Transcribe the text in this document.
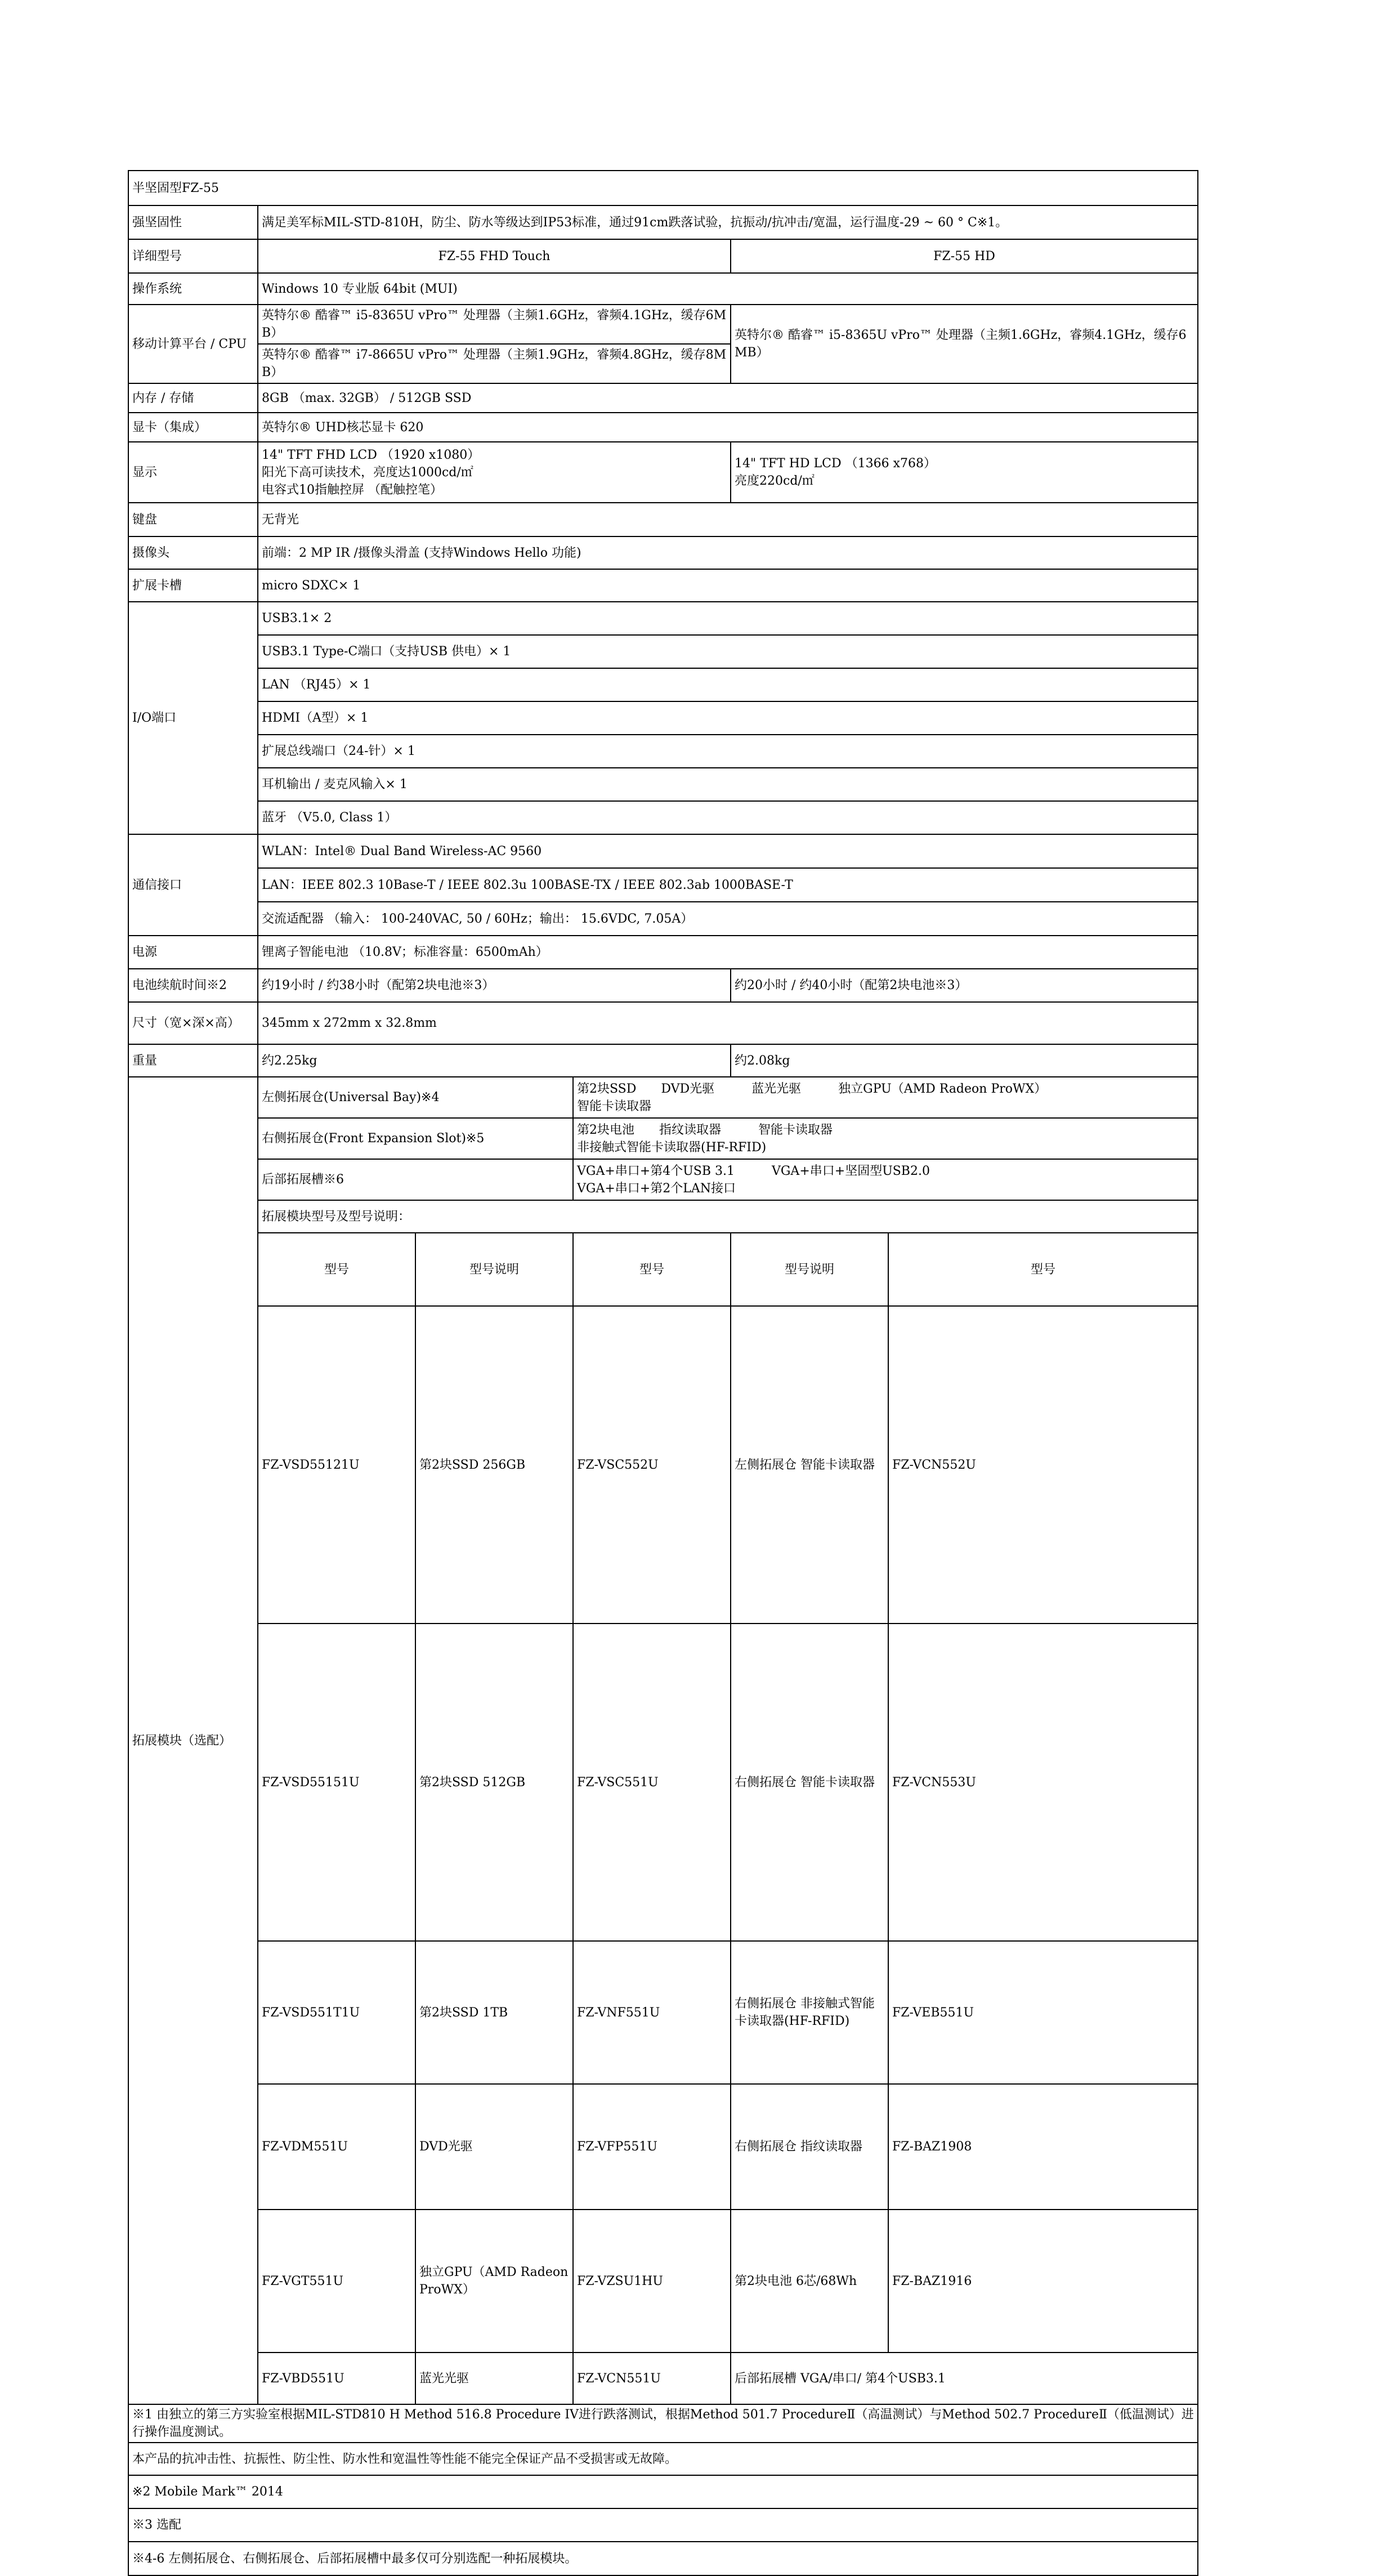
半坚固型FZ-55						
强坚固性	满足美军标MIL-STD-810H，防尘、防水等级达到IP53标准，通过91cm跌落试验，抗振动/抗冲击/宽温，运行温度-29 ~ 60 ° C※1。					
详细型号	FZ-55 FHD Touch			FZ-55 HD		
操作系统	Windows 10 专业版 64bit (MUI)					
移动计算平台 / CPU	英特尔® 酷睿™ i5-8365U vPro™ 处理器（主频1.6GHz，睿频4.1GHz，缓存6MB）			英特尔® 酷睿™ i5-8365U vPro™ 处理器（主频1.6GHz，睿频4.1GHz，缓存6MB）		
	英特尔® 酷睿™ i7-8665U vPro™ 处理器（主频1.9GHz，睿频4.8GHz，缓存8MB）					
内存 / 存储	8GB （max. 32GB） / 512GB SSD					
显卡（集成）	英特尔® UHD核芯显卡 620					
显示	14" TFT FHD LCD （1920 x1080）
阳光下高可读技术，亮度达1000cd/㎡
电容式10指触控屏 （配触控笔）			14" TFT HD LCD （1366 x768）
亮度220cd/㎡		
键盘	无背光					
摄像头	前端：2 MP IR /摄像头滑盖 (支持Windows Hello 功能)					
扩展卡槽	micro SDXC× 1					
I/O端口	USB3.1× 2					
	USB3.1 Type-C端口（支持USB 供电）× 1					
	LAN （RJ45）× 1					
	HDMI（A型）× 1					
	扩展总线端口（24-针）× 1					
	耳机输出 / 麦克风输入× 1					
	蓝牙 （V5.0, Class 1）					
通信接口	WLAN：Intel® Dual Band Wireless-AC 9560					
	LAN：IEEE 802.3 10Base-T / IEEE 802.3u 100BASE-TX / IEEE 802.3ab 1000BASE-T					
	交流适配器 （输入： 100-240VAC, 50 / 60Hz；输出： 15.6VDC, 7.05A）					
电源	锂离子智能电池 （10.8V；标准容量：6500mAh）					
电池续航时间※2	约19小时 / 约38小时（配第2块电池※3）			约20小时 / 约40小时（配第2块电池※3）		
尺寸（宽×深×高）	345mm x 272mm x 32.8mm					
重量	约2.25kg			约2.08kg		
拓展模块（选配）	左侧拓展仓(Universal Bay)※4		第2块SSD　　DVD光驱　　　蓝光光驱　　　独立GPU（AMD Radeon ProWX）
智能卡读取器			
	右侧拓展仓(Front Expansion Slot)※5		第2块电池　　指纹读取器　　　智能卡读取器
非接触式智能卡读取器(HF-RFID)			
	后部拓展槽※6		VGA+串口+第4个USB 3.1　　　VGA+串口+坚固型USB2.0
VGA+串口+第2个LAN接口			
	拓展模块型号及型号说明：					
	型号	型号说明	型号	型号说明	型号	
	FZ-VSD55121U	第2块SSD 256GB	FZ-VSC552U	左侧拓展仓 智能卡读取器	FZ-VCN552U	
	FZ-VSD55151U	第2块SSD 512GB	FZ-VSC551U	右侧拓展仓 智能卡读取器	FZ-VCN553U	
	FZ-VSD551T1U	第2块SSD 1TB	FZ-VNF551U	右侧拓展仓 非接触式智能卡读取器(HF-RFID)	FZ-VEB551U	
	FZ-VDM551U	DVD光驱	FZ-VFP551U	右侧拓展仓 指纹读取器	FZ-BAZ1908	
	FZ-VGT551U	独立GPU（AMD Radeon ProWX）	FZ-VZSU1HU	第2块电池 6芯/68Wh	FZ-BAZ1916	
	FZ-VBD551U	蓝光光驱	FZ-VCN551U	后部拓展槽 VGA/串口/ 第4个USB3.1		
※1 由独立的第三方实验室根据MIL-STD810 H Method 516.8 Procedure IV进行跌落测试，根据Method 501.7 ProcedureⅡ（高温测试）与Method 502.7 ProcedureⅡ（低温测试）进行操作温度测试。						
本产品的抗冲击性、抗振性、防尘性、防水性和宽温性等性能不能完全保证产品不受损害或无故障。						
※2 Mobile Mark™ 2014						
※3 选配						
※4-6 左侧拓展仓、右侧拓展仓、后部拓展槽中最多仅可分别选配一种拓展模块。						
